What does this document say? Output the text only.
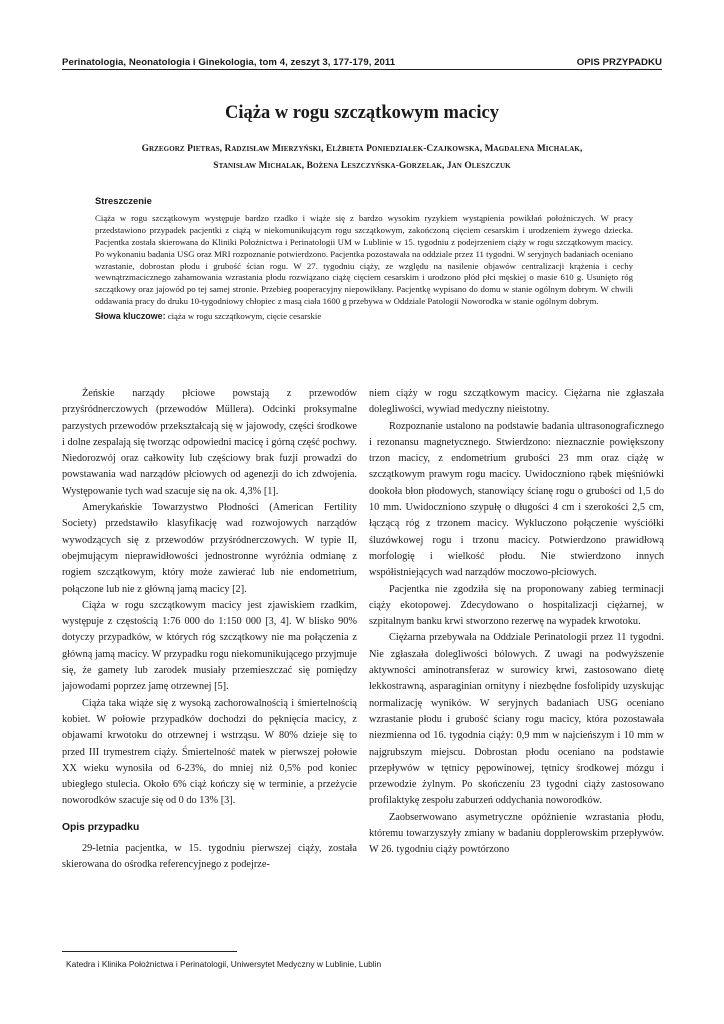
Perinatologia, Neonatologia i Ginekologia, tom 4, zeszyt 3, 177-179, 2011	OPIS PRZYPADKU
Ciąża w rogu szczątkowym macicy
Grzegorz Pietras, Radzisław Mierzyński, Elżbieta Poniedziałek-Czajkowska, Magdalena Michalak,
Stanisław Michalak, Bożena Leszczyńska-Gorzelak, Jan Oleszczuk
Streszczenie
Ciąża w rogu szczątkowym występuje bardzo rzadko i wiąże się z bardzo wysokim ryzykiem wystąpienia powikłań położniczych. W pracy przedstawiono przypadek pacjentki z ciążą w niekomunikującym rogu szczątkowym, zakończoną cięciem cesarskim i urodzeniem żywego dziecka. Pacjentka została skierowana do Kliniki Położnictwa i Perinatologii UM w Lublinie w 15. tygodniu z podejrzeniem ciąży w rogu szczątkowym macicy. Po wykonaniu badania USG oraz MRI rozpoznanie potwierdzono. Pacjentka pozostawała na oddziale przez 11 tygodni. W seryjnych badaniach oceniano wzrastanie, dobrostan płodu i grubość ścian rogu. W 27. tygodniu ciąży, ze względu na nasilenie objawów centralizacji krążenia i cechy wewnątrzmacicznego zahamowania wzrastania płodu rozwiązano ciążę cięciem cesarskim i urodzono płód płci męskiej o masie 610 g. Usunięto róg szczątkowy oraz jajowód po tej samej stronie. Przebieg pooperacyjny niepowikłany. Pacjentkę wypisano do domu w stanie ogólnym dobrym. W chwili oddawania pracy do druku 10-tygodniowy chłopiec z masą ciała 1600 g przebywa w Oddziale Patologii Noworodka w stanie ogólnym dobrym.
Słowa kluczowe: ciąża w rogu szczątkowym, cięcie cesarskie

Żeńskie narządy płciowe powstają z przewodów przyśródnerczowych (przewodów Müllera). Odcinki proksymalne parzystych przewodów przekształcają się w jajowody, części środkowe i dolne zespalają się tworząc odpowiedni macicę i górną część pochwy. Niedorozwój oraz całkowity lub częściowy brak fuzji prowadzi do powstawania wad narządów płciowych od agenezji do ich zdwojenia. Występowanie tych wad szacuje się na ok. 4,3% [1].

Amerykańskie Towarzystwo Płodności (American Fertility Society) przedstawiło klasyfikację wad rozwojowych narządów wywodzących się z przewodów przyśródnerczowych. W typie II, obejmującym nieprawidłowości jednostronne wyróżnia odmianę z rogiem szczątkowym, który może zawierać lub nie endometrium, połączone lub nie z główną jamą macicy [2].

Ciąża w rogu szczątkowym macicy jest zjawiskiem rzadkim, występuje z częstością 1:76 000 do 1:150 000 [3, 4]. W blisko 90% dotyczy przypadków, w których róg szczątkowy nie ma połączenia z główną jamą macicy. W przypadku rogu niekomunikującego przyjmuje się, że gamety lub zarodek musiały przemieszczać się pomiędzy jajowodami poprzez jamę otrzewnej [5].

Ciąża taka wiąże się z wysoką zachorowalnością i śmiertelnością kobiet. W połowie przypadków dochodzi do pęknięcia macicy, z objawami krwotoku do otrzewnej i wstrząsu. W 80% dzieje się to przed III trymestrem ciąży. Śmiertelność matek w pierwszej połowie XX wieku wynosiła od 6-23%, do mniej niż 0,5% pod koniec ubiegłego stulecia. Około 6% ciąż kończy się w terminie, a przeżycie noworodków szacuje się od 0 do 13% [3].

Opis przypadku

29-letnia pacjentka, w 15. tygodniu pierwszej ciąży, została skierowana do ośrodka referencyjnego z podejrze-

niem ciąży w rogu szczątkowym macicy. Ciężarna nie zgłaszała dolegliwości, wywiad medyczny nieistotny.

Rozpoznanie ustalono na podstawie badania ultrasonograficznego i rezonansu magnetycznego. Stwierdzono: nieznacznie powiększony trzon macicy, z endometrium grubości 23 mm oraz ciążę w szczątkowym prawym rogu macicy. Uwidoczniono rąbek mięśniówki dookoła błon płodowych, stanowiący ścianę rogu o grubości od 1,5 do 10 mm. Uwidoczniono szypułę o długości 4 cm i szerokości 2,5 cm, łączącą róg z trzonem macicy. Wykluczono połączenie wyściółki śluzówkowej rogu i trzonu macicy. Potwierdzono prawidłową morfologię i wielkość płodu. Nie stwierdzono innych współistniejących wad narządów moczowo-płciowych.

Pacjentka nie zgodziła się na proponowany zabieg terminacji ciąży ekotopowej. Zdecydowano o hospitalizacji ciężarnej, w szpitalnym banku krwi stworzono rezerwę na wypadek krwotoku.

Ciężarna przebywała na Oddziale Perinatologii przez 11 tygodni. Nie zgłaszała dolegliwości bólowych. Z uwagi na podwyższenie aktywności aminotransferaz w surowicy krwi, zastosowano dietę lekkostrawną, asparaginian ornityny i niezbędne fosfolipidy uzyskując normalizację wyników. W seryjnych badaniach USG oceniano wzrastanie płodu i grubość ściany rogu macicy, która pozostawała niezmienna od 16. tygodnia ciąży: 0,9 mm w najcieńszym i 10 mm w najgrubszym miejscu. Dobrostan płodu oceniano na podstawie przepływów w tętnicy pępowinowej, tętnicy środkowej mózgu i przewodzie żylnym. Po skończeniu 23 tygodni ciąży zastosowano profilaktykę zespołu zaburzeń oddychania noworodków.

Zaobserwowano asymetryczne opóźnienie wzrastania płodu, któremu towarzyszyły zmiany w badaniu dopplerowskim przepływów. W 26. tygodniu ciąży powtórzono

Katedra i Klinika Położnictwa i Perinatologii, Uniwersytet Medyczny w Lublinie, Lublin
